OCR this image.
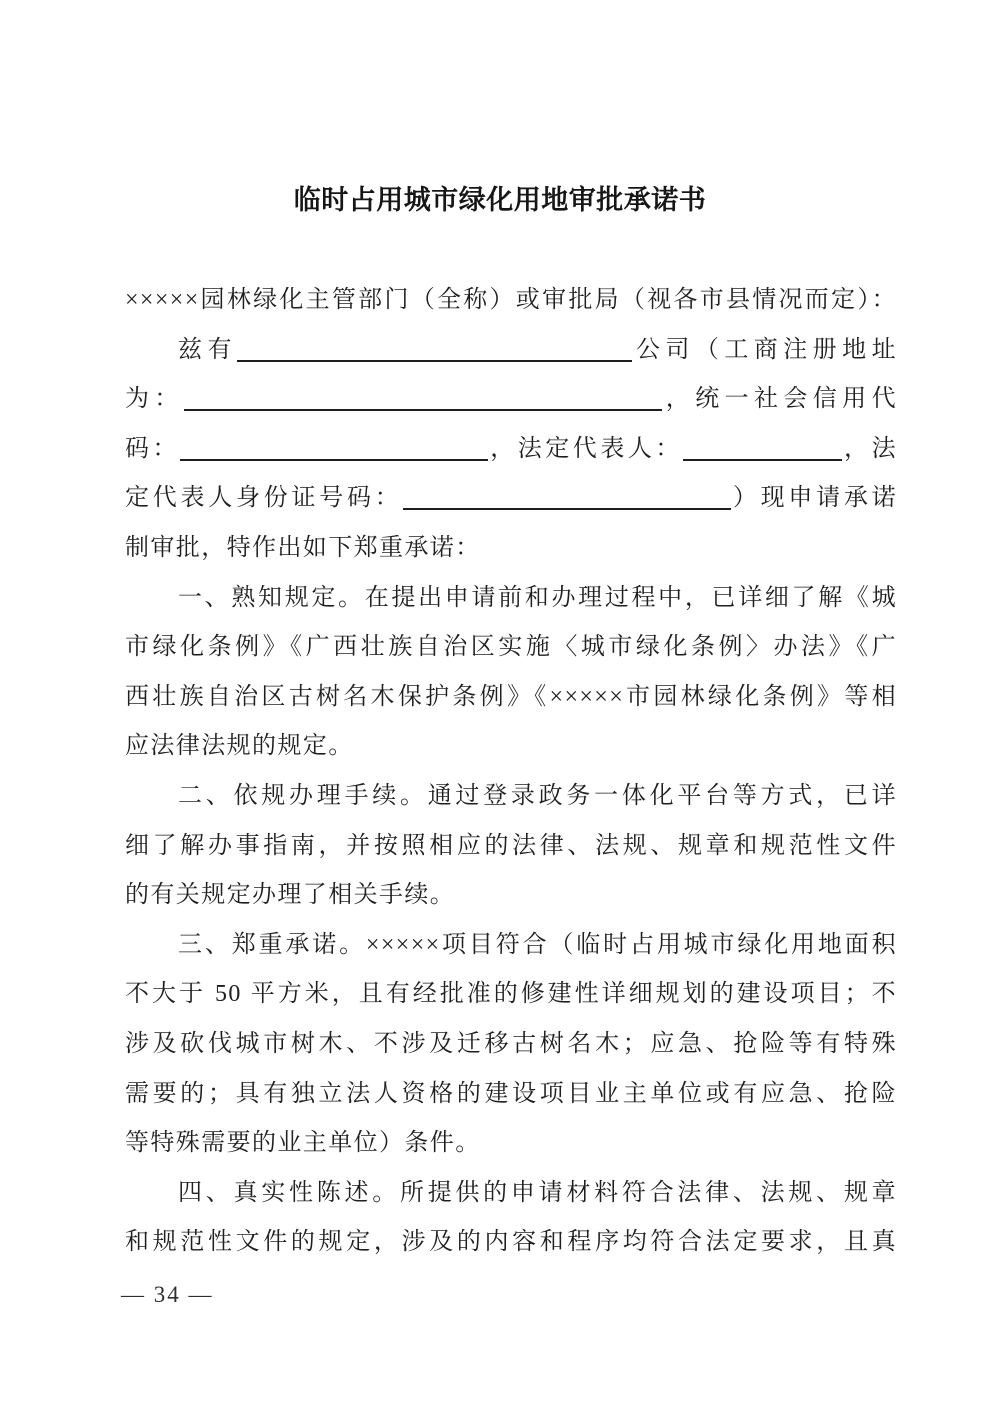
临时占用城市绿化用地审批承诺书
×××××园林绿化主管部门（全称）或审批局（视各市县情况而定）：
兹有	公司（工商注册地址
为：	，统一社会信用代
码：	，法定代表人：	，法
定代表人身份证号码：	）现申请承诺
制审批，特作出如下郑重承诺：
一、熟知规定。在提出申请前和办理过程中，已详细了解《城
市绿化条例》《广西壮族自治区实施〈城市绿化条例〉办法》《广
西壮族自治区古树名木保护条例》《×××××市园林绿化条例》等相
应法律法规的规定。
二、依规办理手续。通过登录政务一体化平台等方式，已详
细了解办事指南，并按照相应的法律、法规、规章和规范性文件
的有关规定办理了相关手续。
三、郑重承诺。×××××项目符合（临时占用城市绿化用地面积
不大于 50 平方米，且有经批准的修建性详细规划的建设项目；不
涉及砍伐城市树木、不涉及迁移古树名木；应急、抢险等有特殊
需要的；具有独立法人资格的建设项目业主单位或有应急、抢险
等特殊需要的业主单位）条件。
四、真实性陈述。所提供的申请材料符合法律、法规、规章
和规范性文件的规定，涉及的内容和程序均符合法定要求，且真
— 34 —
